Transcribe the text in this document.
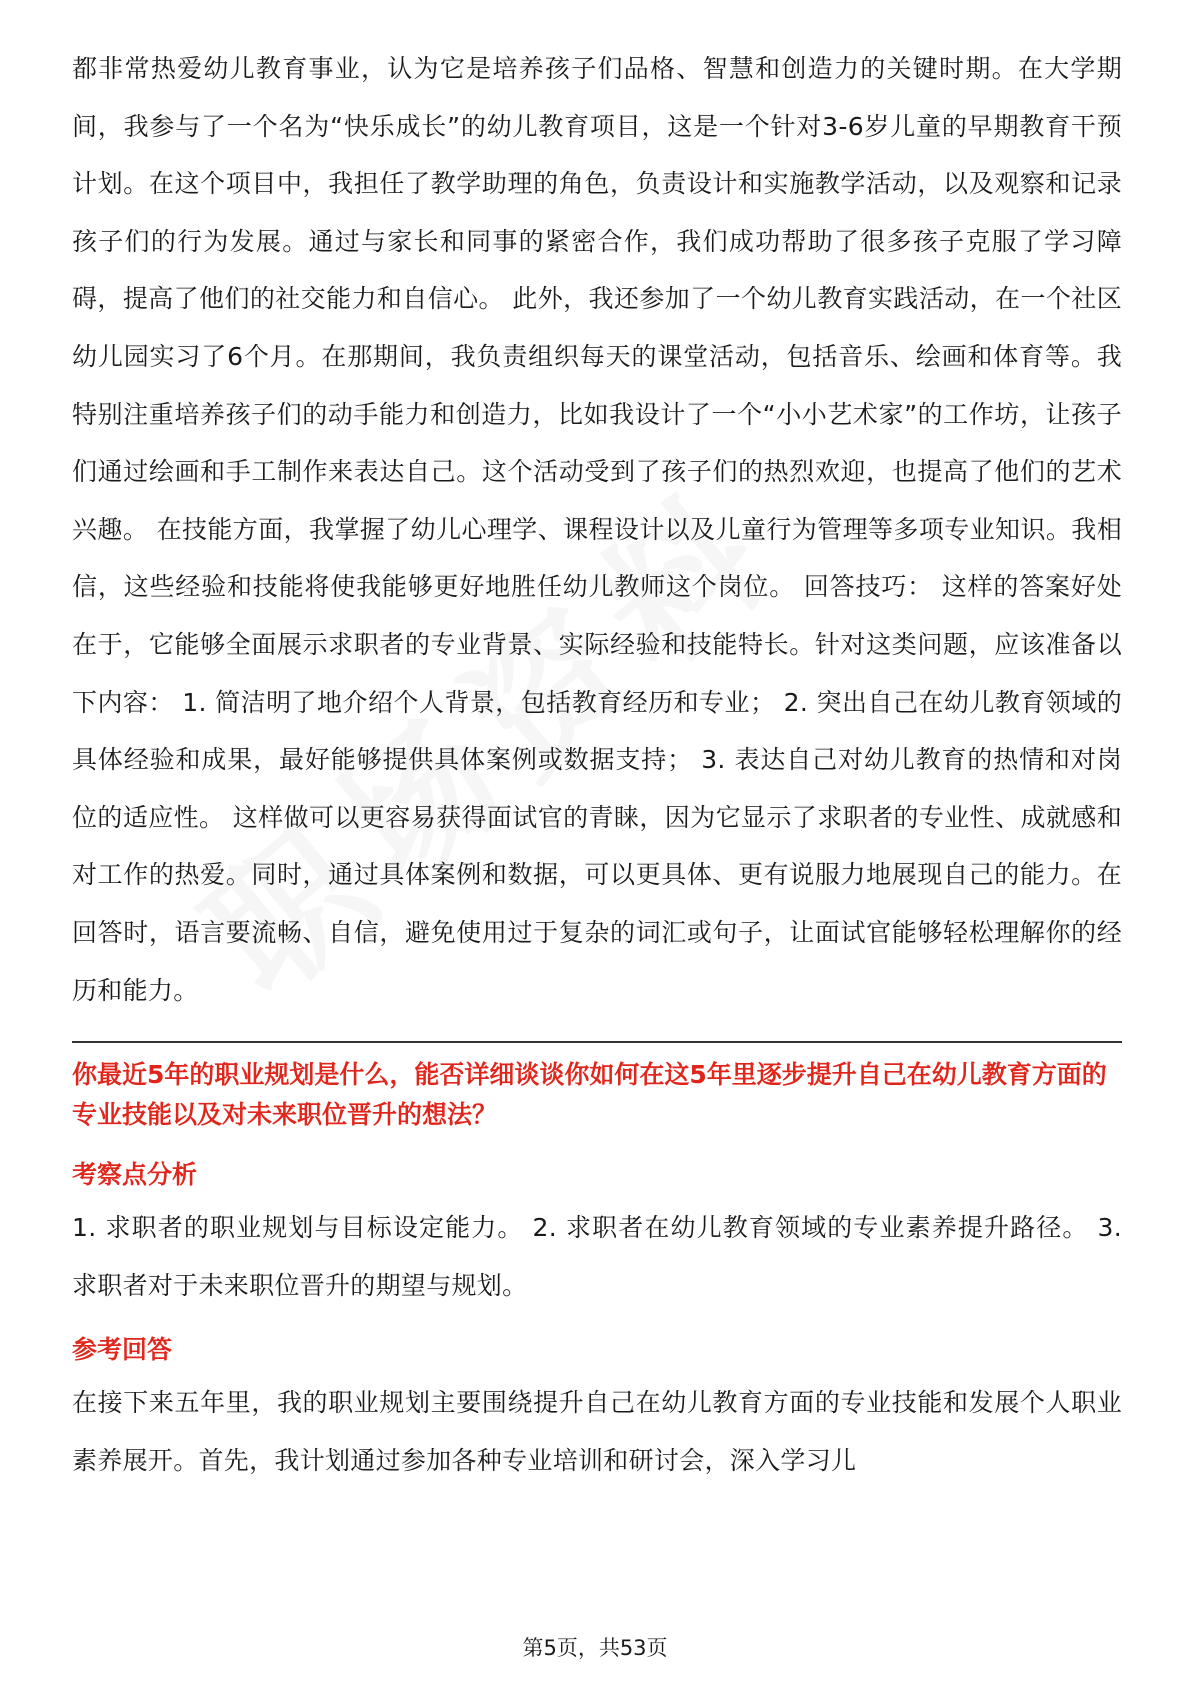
都非常热爱幼儿教育事业，认为它是培养孩子们品格、智慧和创造力的关键时期。在大学期间，我参与了一个名为“快乐成长”的幼儿教育项目，这是一个针对3-6岁儿童的早期教育干预计划。在这个项目中，我担任了教学助理的角色，负责设计和实施教学活动，以及观察和记录孩子们的行为发展。通过与家长和同事的紧密合作，我们成功帮助了很多孩子克服了学习障碍，提高了他们的社交能力和自信心。 此外，我还参加了一个幼儿教育实践活动，在一个社区幼儿园实习了6个月。在那期间，我负责组织每天的课堂活动，包括音乐、绘画和体育等。我特别注重培养孩子们的动手能力和创造力，比如我设计了一个“小小艺术家”的工作坊，让孩子们通过绘画和手工制作来表达自己。这个活动受到了孩子们的热烈欢迎，也提高了他们的艺术兴趣。 在技能方面，我掌握了幼儿心理学、课程设计以及儿童行为管理等多项专业知识。我相信，这些经验和技能将使我能够更好地胜任幼儿教师这个岗位。 回答技巧： 这样的答案好处在于，它能够全面展示求职者的专业背景、实际经验和技能特长。针对这类问题，应该准备以下内容： 1. 简洁明了地介绍个人背景，包括教育经历和专业； 2. 突出自己在幼儿教育领域的具体经验和成果，最好能够提供具体案例或数据支持； 3. 表达自己对幼儿教育的热情和对岗位的适应性。 这样做可以更容易获得面试官的青睐，因为它显示了求职者的专业性、成就感和对工作的热爱。同时，通过具体案例和数据，可以更具体、更有说服力地展现自己的能力。在回答时，语言要流畅、自信，避免使用过于复杂的词汇或句子，让面试官能够轻松理解你的经历和能力。

你最近5年的职业规划是什么，能否详细谈谈你如何在这5年里逐步提升自己在幼儿教育方面的专业技能以及对未来职位晋升的想法？

考察点分析

1. 求职者的职业规划与目标设定能力。 2. 求职者在幼儿教育领域的专业素养提升路径。 3. 求职者对于未来职位晋升的期望与规划。

参考回答

在接下来五年里，我的职业规划主要围绕提升自己在幼儿教育方面的专业技能和发展个人职业素养展开。首先，我计划通过参加各种专业培训和研讨会，深入学习儿

第5页，共53页
